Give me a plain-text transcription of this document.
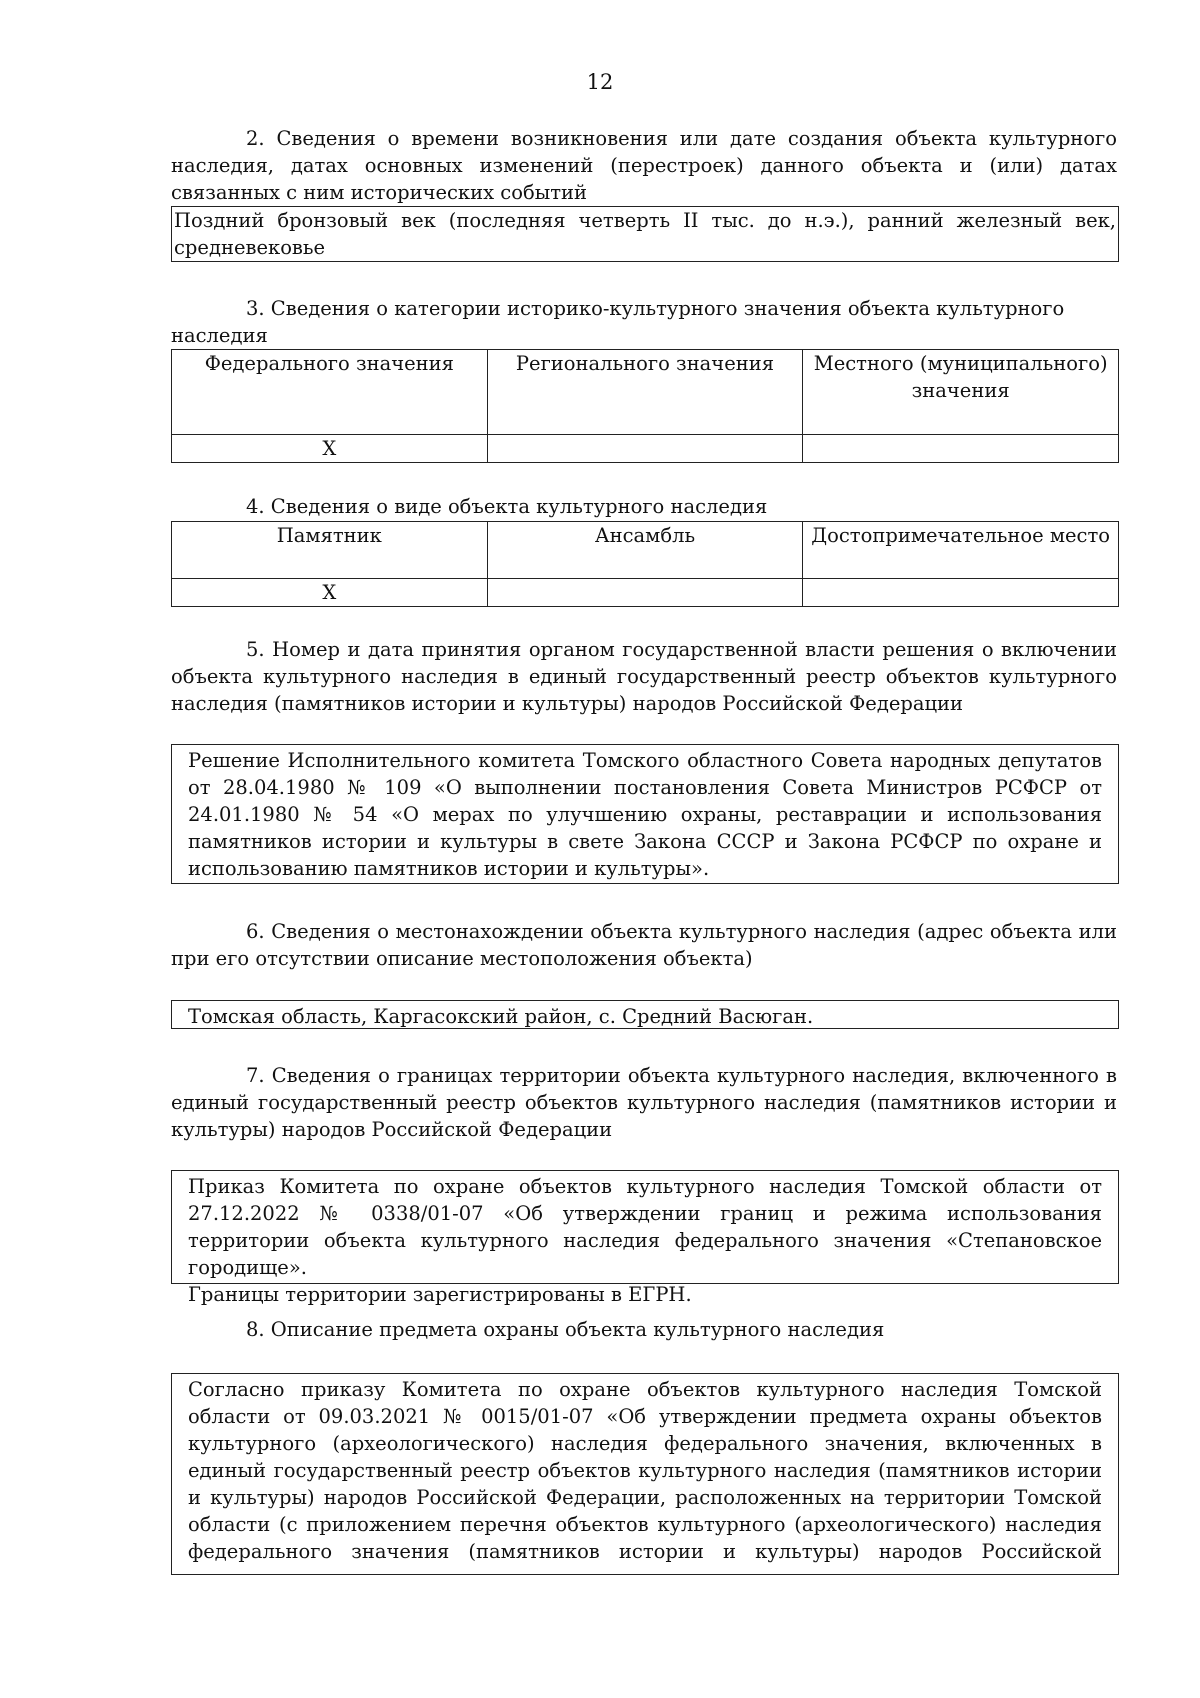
12
2. Сведения о времени возникновения или дате создания объекта культурного наследия, датах основных изменений (перестроек) данного объекта и (или) датах связанных с ним исторических событий
Поздний бронзовый век (последняя четверть II тыс. до н.э.), ранний железный век, средневековье
3. Сведения о категории историко-культурного значения объекта культурного наследия
Федерального значения	Регионального значения	Местного (муниципального) значения
Х		
4. Сведения о виде объекта культурного наследия
Памятник	Ансамбль	Достопримечательное место
Х		
5. Номер и дата принятия органом государственной власти решения о включении объекта культурного наследия в единый государственный реестр объектов культурного наследия (памятников истории и культуры) народов Российской Федерации
Решение Исполнительного комитета Томского областного Совета народных депутатов от 28.04.1980 № 109 «О выполнении постановления Совета Министров РСФСР от 24.01.1980 № 54 «О мерах по улучшению охраны, реставрации и использования памятников истории и культуры в свете Закона СССР и Закона РСФСР по охране и использованию памятников истории и культуры».
6. Сведения о местонахождении объекта культурного наследия (адрес объекта или при его отсутствии описание местоположения объекта)
Томская область, Каргасокский район, с. Средний Васюган.
7. Сведения о границах территории объекта культурного наследия, включенного в единый государственный реестр объектов культурного наследия (памятников истории и культуры) народов Российской Федерации
Приказ Комитета по охране объектов культурного наследия Томской области от 27.12.2022 № 0338/01-07 «Об утверждении границ и режима использования территории объекта культурного наследия федерального значения «Степановское городище».
Границы территории зарегистрированы в ЕГРН.
8. Описание предмета охраны объекта культурного наследия
Согласно приказу Комитета по охране объектов культурного наследия Томской области от 09.03.2021 № 0015/01-07 «Об утверждении предмета охраны объектов культурного (археологического) наследия федерального значения, включенных в единый государственный реестр объектов культурного наследия (памятников истории и культуры) народов Российской Федерации, расположенных на территории Томской области (с приложением перечня объектов культурного (археологического) наследия федерального значения (памятников истории и культуры) народов Российской
